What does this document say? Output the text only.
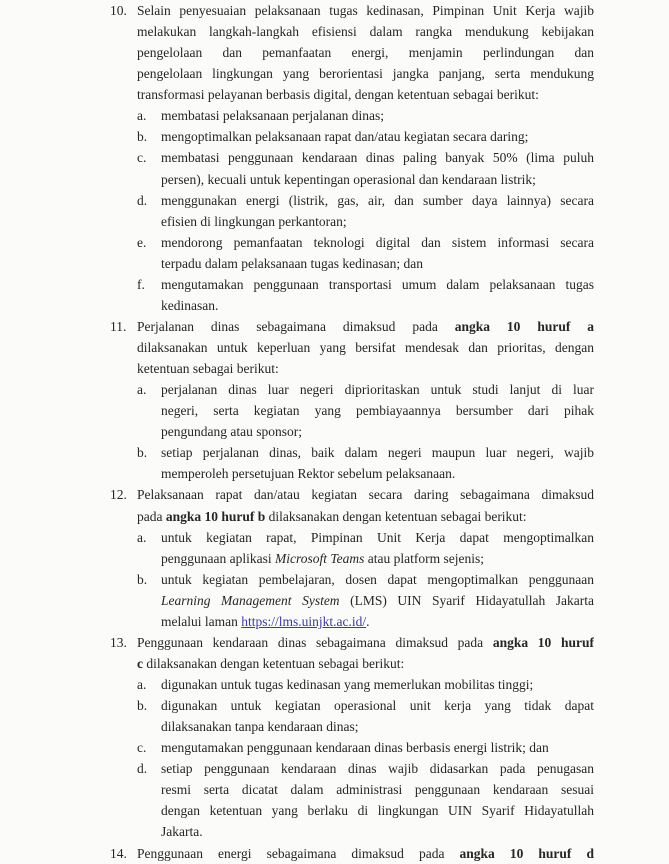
10. Selain penyesuaian pelaksanaan tugas kedinasan, Pimpinan Unit Kerja wajib
melakukan langkah-langkah efisiensi dalam rangka mendukung kebijakan
pengelolaan dan pemanfaatan energi, menjamin perlindungan dan
pengelolaan lingkungan yang berorientasi jangka panjang, serta mendukung
transformasi pelayanan berbasis digital, dengan ketentuan sebagai berikut:
a. membatasi pelaksanaan perjalanan dinas;
b. mengoptimalkan pelaksanaan rapat dan/atau kegiatan secara daring;
c. membatasi penggunaan kendaraan dinas paling banyak 50% (lima puluh
persen), kecuali untuk kepentingan operasional dan kendaraan listrik;
d. menggunakan energi (listrik, gas, air, dan sumber daya lainnya) secara
efisien di lingkungan perkantoran;
e. mendorong pemanfaatan teknologi digital dan sistem informasi secara
terpadu dalam pelaksanaan tugas kedinasan; dan
f. mengutamakan penggunaan transportasi umum dalam pelaksanaan tugas
kedinasan.
11. Perjalanan dinas sebagaimana dimaksud pada angka 10 huruf a
dilaksanakan untuk keperluan yang bersifat mendesak dan prioritas, dengan
ketentuan sebagai berikut:
a. perjalanan dinas luar negeri diprioritaskan untuk studi lanjut di luar
negeri, serta kegiatan yang pembiayaannya bersumber dari pihak
pengundang atau sponsor;
b. setiap perjalanan dinas, baik dalam negeri maupun luar negeri, wajib
memperoleh persetujuan Rektor sebelum pelaksanaan.
12. Pelaksanaan rapat dan/atau kegiatan secara daring sebagaimana dimaksud
pada angka 10 huruf b dilaksanakan dengan ketentuan sebagai berikut:
a. untuk kegiatan rapat, Pimpinan Unit Kerja dapat mengoptimalkan
penggunaan aplikasi Microsoft Teams atau platform sejenis;
b. untuk kegiatan pembelajaran, dosen dapat mengoptimalkan penggunaan
Learning Management System (LMS) UIN Syarif Hidayatullah Jakarta
melalui laman https://lms.uinjkt.ac.id/.
13. Penggunaan kendaraan dinas sebagaimana dimaksud pada angka 10 huruf
c dilaksanakan dengan ketentuan sebagai berikut:
a. digunakan untuk tugas kedinasan yang memerlukan mobilitas tinggi;
b. digunakan untuk kegiatan operasional unit kerja yang tidak dapat
dilaksanakan tanpa kendaraan dinas;
c. mengutamakan penggunaan kendaraan dinas berbasis energi listrik; dan
d. setiap penggunaan kendaraan dinas wajib didasarkan pada penugasan
resmi serta dicatat dalam administrasi penggunaan kendaraan sesuai
dengan ketentuan yang berlaku di lingkungan UIN Syarif Hidayatullah
Jakarta.
14. Penggunaan energi sebagaimana dimaksud pada angka 10 huruf d
